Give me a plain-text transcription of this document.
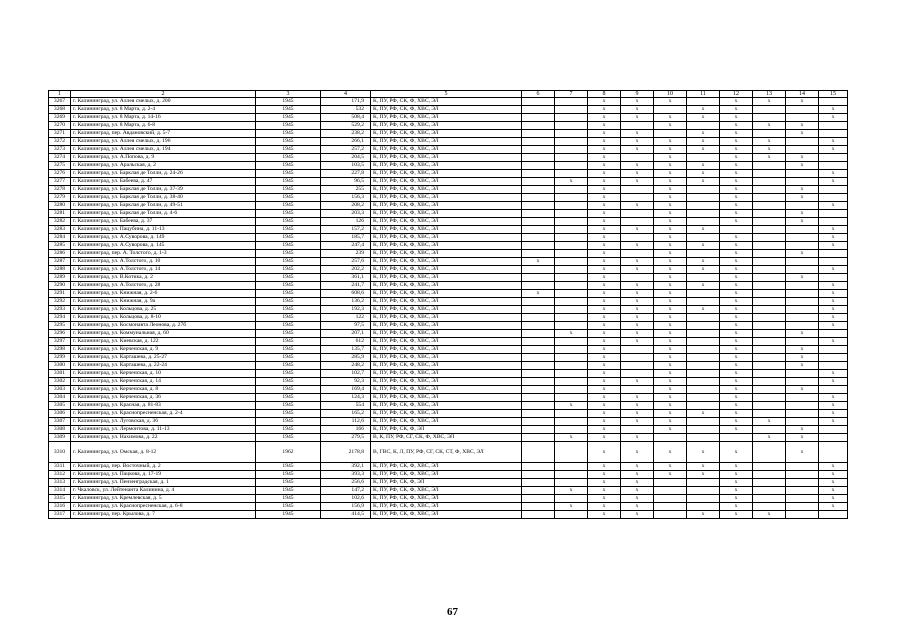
1	2	3	4	5	6	7	8	9	10	11	12	13	14	15
3267	г. Калининград, ул. Аллея смелых, д. 200	1945	171,9	К, ПУ, РФ, СК, Ф, ХВС, ЭЛ			х	х	х		х	х	х	
3268	г. Калининград, ул. 8 Марта, д. 2-4	1945	532	К, ПУ, РФ, СК, Ф, ХВС, ЭЛ			х	х		х	х			х
3269	г. Калининград, ул. 8 Марта, д. 14-16	1945	508,4	К, ПУ, РФ, СК, Ф, ХВС, ЭЛ			х	х	х	х	х			х
3270	г. Калининград, ул. 8 Марта, д. 6-8	1945	529,2	К, ПУ, РФ, СК, Ф, ХВС, ЭЛ			х		х		х	х	х	
3271	г. Калининград, пер. Авдановский, д. 5-7	1945	238,2	К, ПУ, РФ, СК, Ф, ХВС, ЭЛ			х	х		х	х		х	
3272	г. Калининград, ул. Аллея смелых, д. 196	1945	266,1	К, ПУ, РФ, СК, Ф, ХВС, ЭЛ			х	х	х	х	х	х		х
3273	г. Калининград, ул. Аллея смелых, д. 194	1945	257,2	К, ПУ, РФ, СК, Ф, ХВС, ЭЛ			х	х	х	х	х	х		х
3274	г. Калининград, ул. А.Попова, д. 9	1945	204,5	К, ПУ, РФ, СК, Ф, ХВС, ЭЛ			х		х		х	х	х	
3275	г. Калининград, ул. Аральская, д. 2	1945	103,5	К, ПУ, РФ, СК, Ф, ХВС, ЭЛ			х	х	х	х	х		х	
3276	г. Калининград, ул. Барклая де Толли, д. 24-26	1945	227,8	К, ПУ, РФ, СК, Ф, ХВС, ЭЛ			х	х	х	х	х			х
3277	г. Калининград, ул. Бабеева, д. 47	1945	96,5	К, ПУ, РФ, СК, Ф, ХВС, ЭЛ		х	х	х	х	х	х			х
3278	г. Калининград, ул. Барклая де Толли, д. 37-39	1945	255	К, ПУ, РФ, СК, Ф, ХВС, ЭЛ			х		х		х		х	
3279	г. Калининград, ул. Барклая де Толли, д. 38-40	1945	156,3	К, ПУ, РФ, СК, Ф, ХВС, ЭЛ			х		х		х		х	
3280	г. Калининград, ул. Барклая де Толли, д. 49-51	1945	208,2	К, ПУ, РФ, СК, Ф, ХВС, ЭЛ			х	х	х		х			х
3281	г. Калининград, ул. Барклая де Толли, д. 4-6	1945	203,3	К, ПУ, РФ, СК, Ф, ХВС, ЭЛ			х		х		х		х	
3282	г. Калининград, ул. Бабеева, д. 37	1945	126	К, ПУ, РФ, СК, Ф, ХВС, ЭЛ			х		х		х		х	
3283	г. Калининград, ул. Пацубина, д. 11-13	1945	157,2	К, ПУ, РФ, СК, Ф, ХВС, ЭЛ			х	х	х	х				х
3284	г. Калининград, ул. А.Суворова, д. 149	1945	185,7	К, ПУ, РФ, СК, Ф, ХВС, ЭЛ			х		х		х			х
3285	г. Калининград, ул. А.Суворова, д. 145	1945	247,4	К, ПУ, РФ, СК, Ф, ХВС, ЭЛ			х	х	х	х	х			х
3286	г. Калининград, пер. А. Толстого, д. 1-3	1945	239	К, ПУ, РФ, СК, Ф, ХВС, ЭЛ			х		х		х		х	
3287	г. Калининград, ул. А.Толстого, д. 10	1945	257,6	К, ПУ, РФ, СК, Ф, ХВС, ЭЛ	х		х	х	х	х	х			
3288	г. Калининград, ул. А.Толстого, д. 14	1945	202,2	К, ПУ, РФ, СК, Ф, ХВС, ЭЛ			х	х	х	х	х			х
3289	г. Калининград, ул. В.Котика, д. 2	1945	361,1	К, ПУ, РФ, СК, Ф, ХВС, ЭЛ			х		х		х		х	
3290	г. Калининград, ул. А.Толстого, д. 28	1945	241,7	К, ПУ, РФ, СК, Ф, ХВС, ЭЛ			х	х	х	х	х			х
3291	г. Калининград, ул. Книжная, д. 2-6	1945	608,6	К, ПУ, РФ, СК, Ф, ХВС, ЭЛ	х		х	х	х		х			х
3292	г. Калининград, ул. Книжная, д. 9а	1945	136,2	К, ПУ, РФ, СК, Ф, ХВС, ЭЛ			х	х	х		х			х
3293	г. Калининград, ул. Кольцова, д. 25	1945	192,3	К, ПУ, РФ, СК, Ф, ХВС, ЭЛ			х	х	х	х	х			х
3294	г. Калининград, ул. Кольцова, д. 8-10	1945	122	К, ПУ, РФ, СК, Ф, ХВС, ЭЛ			х	х	х		х			х
3295	г. Калининград, ул. Космонавта Леонова, д. 27б	1945	97,5	К, ПУ, РФ, СК, Ф, ХВС, ЭЛ			х	х	х		х			х
3296	г. Калининград, ул. Коммунальная, д. 60	1945	207,1	К, ПУ, РФ, СК, Ф, ХВС, ЭЛ		х	х	х	х		х		х	
3297	г. Калининград, ул. Киевская, д. 122	1945	612	К, ПУ, РФ, СК, Ф, ХВС, ЭЛ			х	х	х		х			х
3298	г. Калининград, ул. Керченская, д. 9	1945	135,7	К, ПУ, РФ, СК, Ф, ХВС, ЭЛ			х		х		х		х	
3299	г. Калининград, ул. Карташева, д. 25-27	1945	285,9	К, ПУ, РФ, СК, Ф, ХВС, ЭЛ			х		х		х		х	
3300	г. Калининград, ул. Карташева, д. 22-24	1945	248,2	К, ПУ, РФ, СК, Ф, ХВС, ЭЛ			х		х		х		х	
3301	г. Калининград, ул. Керченская, д. 10	1945	102,7	К, ПУ, РФ, СК, Ф, ХВС, ЭЛ			х		х		х			х
3302	г. Калининград, ул. Керченская, д. 14	1945	92,3	К, ПУ, РФ, СК, Ф, ХВС, ЭЛ			х	х	х		х			х
3303	г. Калининград, ул. Керченская, д. 8	1945	169,4	К, ПУ, РФ, СК, Ф, ХВС, ЭЛ			х		х		х		х	
3304	г. Калининград, ул. Керченская, д. 36	1945	124,3	К, ПУ, РФ, СК, Ф, ХВС, ЭЛ			х	х	х		х			х
3305	г. Калининград, ул. Красная, д. 81-83	1945	554	К, ПУ, РФ, СК, Ф, ХВС, ЭЛ		х	х	х	х		х			х
3306	г. Калининград, ул. Краснопресненская, д. 2-4	1945	165,2	К, ПУ, РФ, СК, Ф, ХВС, ЭЛ			х	х	х	х	х			х
3307	г. Калининград, ул. Луговская, д. 36	1945	112,6	К, ПУ, РФ, СК, Ф, ХВС, ЭЛ			х	х	х		х	х		х
3308	г. Калининград, ул. Лермонтова, д. 11-13	1945	166	К, ПУ, РФ, СК, Ф, ЭЛ			х		х		х		х	
3309	г. Калининград, ул. Нахимова, д. 22	1945	279,5	В, К, ПУ, РФ, СГ, СК, Ф, ХВС, ЭЛ		х	х	х				х	х	
3310	г. Калининград, ул. Омская, д. 8-12	1962	2178,8	В, ГВС, К, Л, ПУ, РФ, СГ, СК, СТ, Ф, ХВС, ЭЛ			х	х	х	х	х		х	
3311	г. Калининград, пер. Восточный, д. 2	1945	392,1	К, ПУ, РФ, СК, Ф, ХВС, ЭЛ			х	х	х	х	х			х
3312	г. Калининград, ул. Пацкова, д. 17-19	1945	393,3	К, ПУ, РФ, СК, Ф, ХВС, ЭЛ			х	х	х	х	х			х
3313	г. Калининград, ул. Пензенградская, д. 1	1945	256,6	К, ПУ, РФ, СК, Ф, ЭЛ			х	х			х			х
3314	г. Чкаловск, ул. Лейтенанта Калинина, д. 4	1945	147,2	К, ПУ, РФ, СК, Ф, ХВС, ЭЛ		х	х	х			х			х
3315	г. Калининград, ул. Кремлевская, д. 5	1945	102,6	К, ПУ, РФ, СК, Ф, ХВС, ЭЛ			х	х			х			х
3316	г. Калининград, ул. Краснопресненская, д. 6-8	1945	156,9	К, ПУ, РФ, СК, Ф, ХВС, ЭЛ		х	х	х			х			х
3317	г. Калининград, пер. Крылова, д. 7	1945	414,5	К, ПУ, РФ, СК, Ф, ХВС, ЭЛ			х	х		х	х	х		
67
